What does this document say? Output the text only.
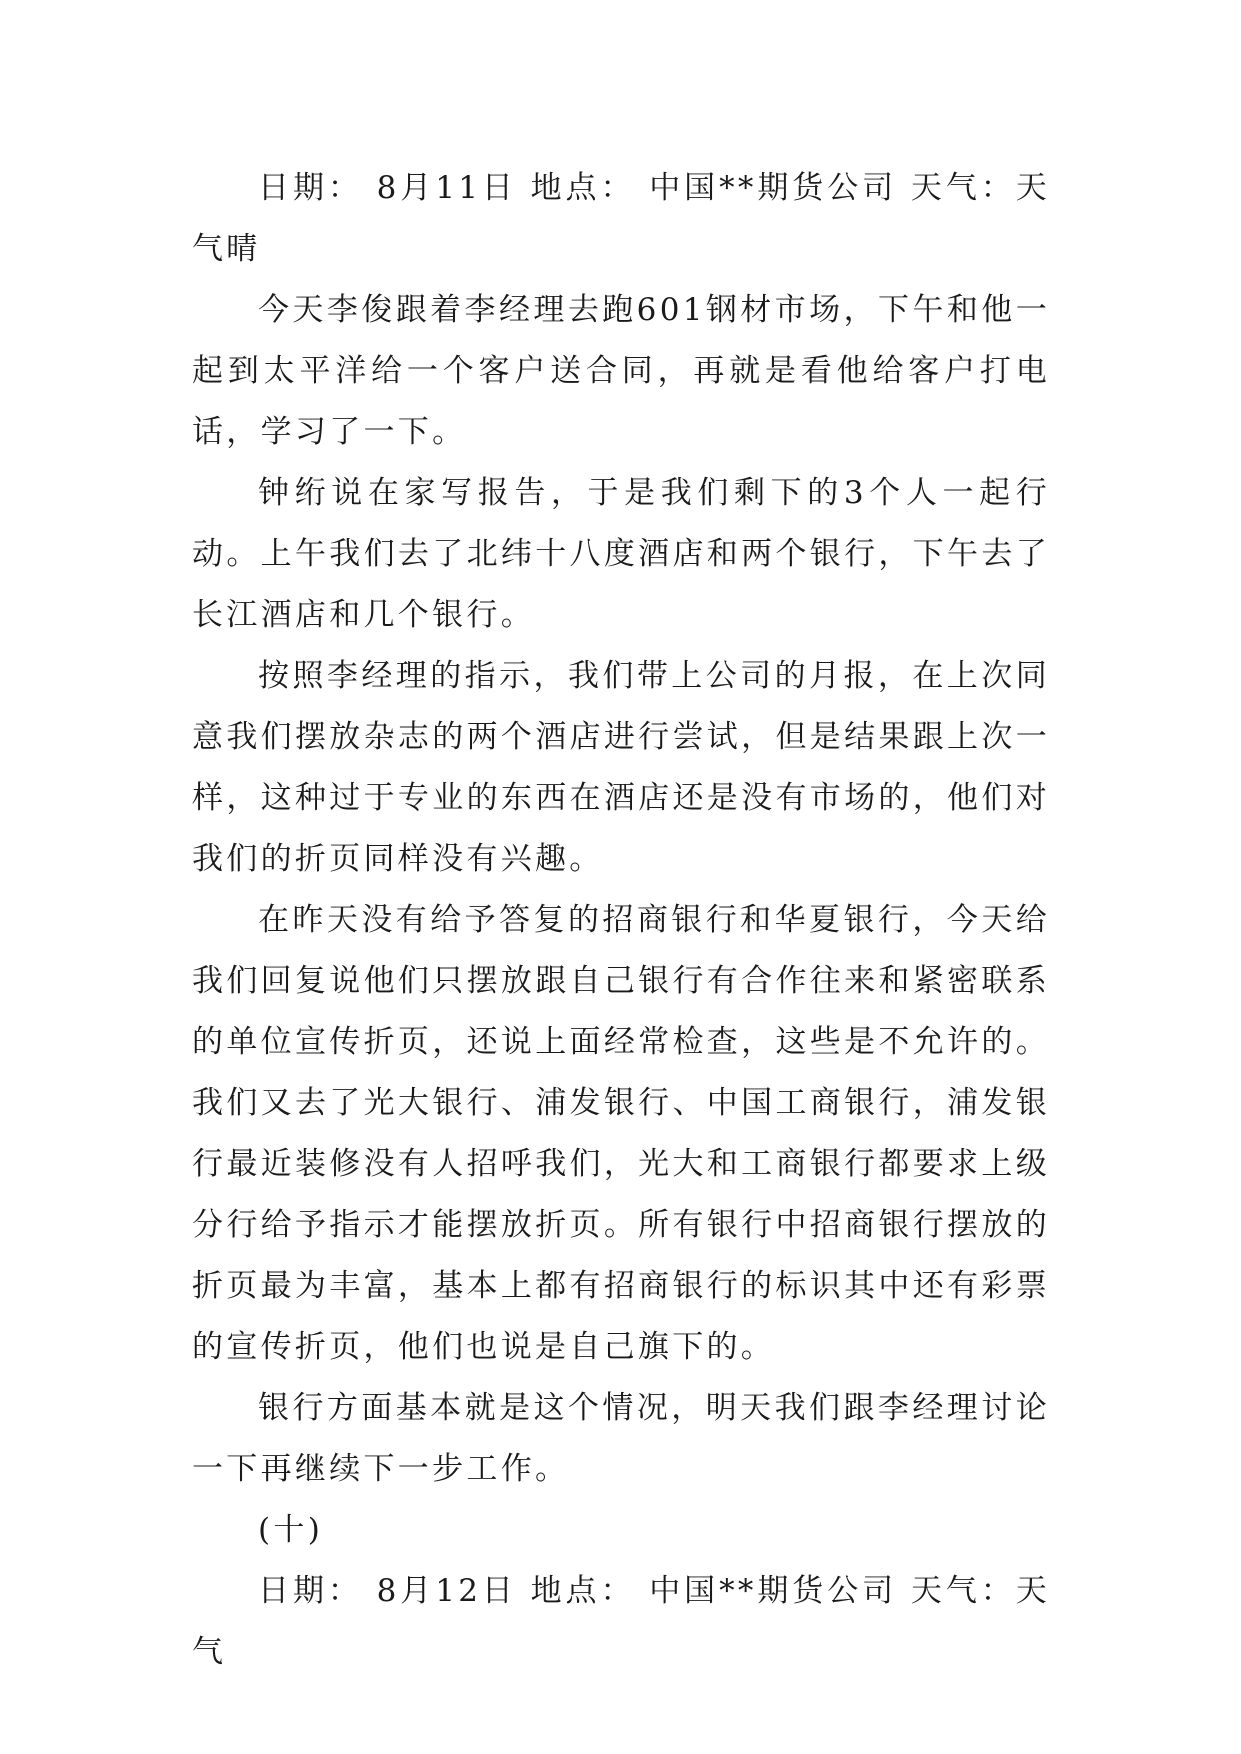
日期： 8月11日 地点： 中国**期货公司 天气：天气晴

今天李俊跟着李经理去跑601钢材市场，下午和他一起到太平洋给一个客户送合同，再就是看他给客户打电话，学习了一下。

钟绗说在家写报告，于是我们剩下的3个人一起行动。上午我们去了北纬十八度酒店和两个银行，下午去了长江酒店和几个银行。

按照李经理的指示，我们带上公司的月报，在上次同意我们摆放杂志的两个酒店进行尝试，但是结果跟上次一样，这种过于专业的东西在酒店还是没有市场的，他们对我们的折页同样没有兴趣。

在昨天没有给予答复的招商银行和华夏银行，今天给我们回复说他们只摆放跟自己银行有合作往来和紧密联系的单位宣传折页，还说上面经常检查，这些是不允许的。我们又去了光大银行、浦发银行、中国工商银行，浦发银行最近装修没有人招呼我们，光大和工商银行都要求上级分行给予指示才能摆放折页。所有银行中招商银行摆放的折页最为丰富，基本上都有招商银行的标识其中还有彩票的宣传折页，他们也说是自己旗下的。

银行方面基本就是这个情况，明天我们跟李经理讨论一下再继续下一步工作。

(十)

日期： 8月12日 地点： 中国**期货公司 天气：天气
